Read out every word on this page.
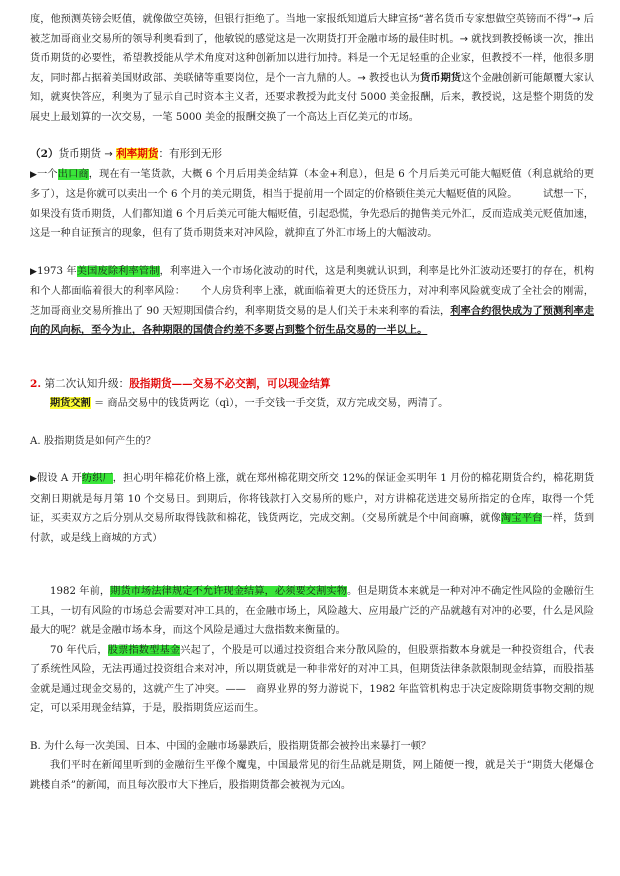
度，他预测英镑会贬值，就像做空英镑，但银行拒绝了。当地一家报纸知道后大肆宣扬“著名货币专家想做空英镑而不得”→ 后被芝加哥商业交易所的领导利奥看到了，他敏锐的感觉这是一次期货打开金融市场的最佳时机。→ 就找到教授畅谈一次，推出货币期货的必要性，希望教授能从学术角度对这种创新加以进行加持。料是一个无足轻重的企业家，但教授不一样，他很多朋友，同时都占据着美国财政部、美联储等重要岗位，是个一言九鼎的人。→ 教授也认为货币期货这个金融创新可能颠覆大家认知，就爽快答应，利奥为了显示自己时资本主义者，还要求教授为此支付 5000 美金报酬，后来，教授说，这是整个期货的发展史上最划算的一次交易，一笔 5000 美金的报酬交换了一个高达上百亿美元的市场。

（2）货币期货 → 利率期货：有形到无形

▶一个出口商，现在有一笔货款，大概 6 个月后用美金结算（本金+利息），但是 6 个月后美元可能大幅贬值（利息就给的更多了），这是你就可以卖出一个 6 个月的美元期货，相当于提前用一个固定的价格锁住美元大幅贬值的风险。　　　试想一下，如果没有货币期货，人们都知道 6 个月后美元可能大幅贬值，引起恐慌，争先恐后的抛售美元外汇，反而造成美元贬值加速，这是一种自证预言的现象，但有了货币期货来对冲风险，就抑直了外汇市场上的大幅波动。

▶1973 年美国废除利率管制，利率进入一个市场化波动的时代，这是利奥就认识到，利率是比外汇波动还要打的存在，机构和个人都面临着很大的利率风险：　　个人房贷利率上涨，就面临着更大的还贷压力，对冲利率风险就变成了全社会的刚需，芝加哥商业交易所推出了 90 天短期国债合约，利率期货交易的是人们关于未来利率的看法，利率合约很快成为了预测利率走向的风向标，至今为止，各种期限的国债合约差不多要占到整个衍生品交易的一半以上。

2. 第二次认知升级：股指期货——交易不必交割，可以现金结算

期货交割 ＝ 商品交易中的钱货两讫（qì），一手交钱一手交货，双方完成交易，两清了。

A. 股指期货是如何产生的？

▶假设 A 开纺织厂，担心明年棉花价格上涨，就在郑州棉花期交所交 12%的保证金买明年 1 月份的棉花期货合约，棉花期货交割日期就是每月第 10 个交易日。到期后，你将钱款打入交易所的账户，对方讲棉花送进交易所指定的仓库，取得一个凭证，买卖双方之后分别从交易所取得钱款和棉花，钱货两讫，完成交割。（交易所就是个中间商嘛，就像淘宝平台一样，货到付款，或是线上商城的方式）

1982 年前，期货市场法律规定不允许现金结算，必须要交割实物。但是期货本来就是一种对冲不确定性风险的金融衍生工具，一切有风险的市场总会需要对冲工具的，在金融市场上，风险越大、应用最广泛的产品就越有对冲的必要，什么是风险最大的呢？就是金融市场本身，而这个风险是通过大盘指数来衡量的。

70 年代后，股票指数型基金兴起了，个股是可以通过投资组合来分散风险的，但股票指数本身就是一种投资组合，代表了系统性风险，无法再通过投资组合来对冲，所以期货就是一种非常好的对冲工具，但期货法律条款限制现金结算，而股指基金就是通过现金交易的，这就产生了冲突。——　商界业界的努力游说下，1982 年监管机构忠于决定废除期货事物交割的规定，可以采用现金结算，于是，股指期货应运而生。

B. 为什么每一次美国、日本、中国的金融市场暴跌后，股指期货都会被拎出来暴打一顿？

我们平时在新闻里听到的金融衍生平像个魔鬼，中国最常见的衍生品就是期货，网上随便一搜，就是关于“期货大佬爆仓跳楼自杀”的新闻，而且每次股市大下挫后，股指期货都会被视为元凶。
